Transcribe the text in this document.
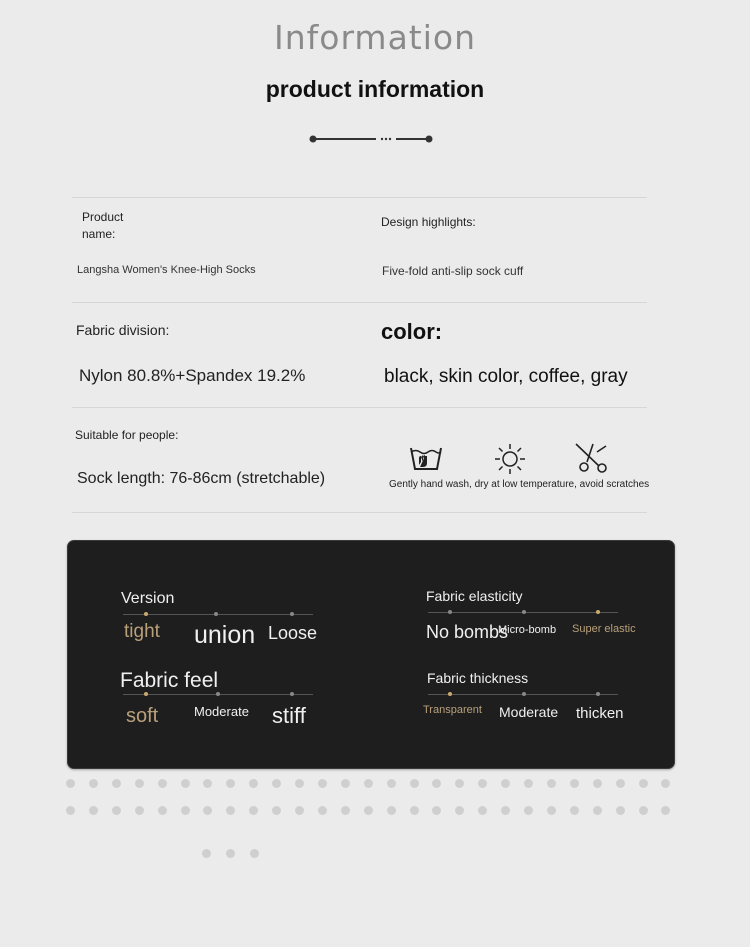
Information
product information
Product name:
Langsha Women's Knee-High Socks
Design highlights:
Five-fold anti-slip sock cuff
Fabric division:
Nylon 80.8%+Spandex 19.2%
color:
black, skin color, coffee, gray
Suitable for people:
Sock length: 76-86cm (stretchable)	Gently hand wash, dry at low temperature, avoid scratches
Version
tight union Loose
Fabric feel
soft	Moderate stiff
Fabric elasticity
No bombs
Micro-bomb Super elastic
Fabric thickness
Transparent Moderate thicken
